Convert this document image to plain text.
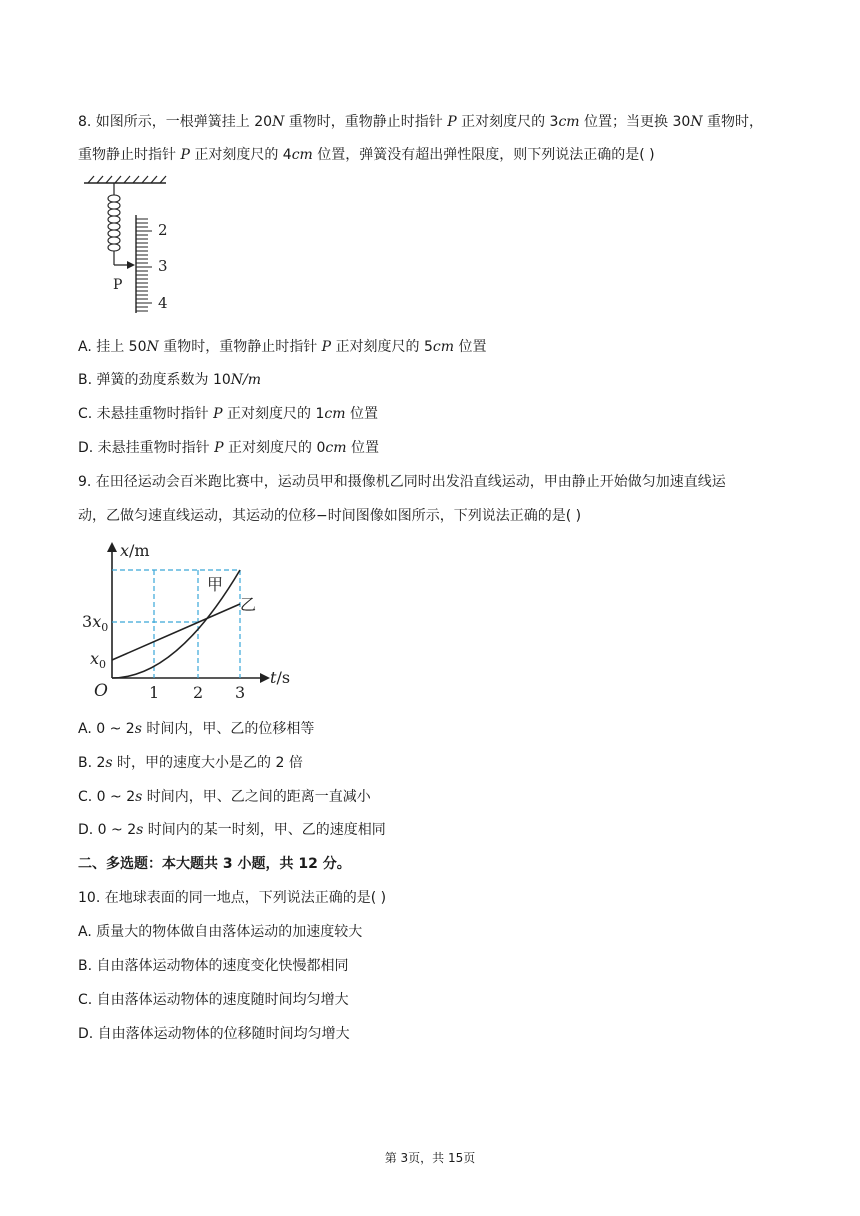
8. 如图所示，一根弹簧挂上 20N 重物时，重物静止时指针 P 正对刻度尺的 3cm 位置；当更换 30N 重物时，
重物静止时指针 P 正对刻度尺的 4cm 位置，弹簧没有超出弹性限度，则下列说法正确的是( )
P
2
3
4
A. 挂上 50N 重物时，重物静止时指针 P 正对刻度尺的 5cm 位置
B. 弹簧的劲度系数为 10N/m
C. 未悬挂重物时指针 P 正对刻度尺的 1cm 位置
D. 未悬挂重物时指针 P 正对刻度尺的 0cm 位置
9. 在田径运动会百米跑比赛中，运动员甲和摄像机乙同时出发沿直线运动，甲由静止开始做匀加速直线运
动，乙做匀速直线运动，其运动的位移−时间图像如图所示，下列说法正确的是( )
x/m
t/s
O	1 2 3
$3x_0$
$x_0$
甲
乙
A. 0 ~ 2s 时间内，甲、乙的位移相等
B. 2s 时，甲的速度大小是乙的 2 倍
C. 0 ~ 2s 时间内，甲、乙之间的距离一直减小
D. 0 ~ 2s 时间内的某一时刻，甲、乙的速度相同
二、多选题：本大题共 3 小题，共 12 分。
10. 在地球表面的同一地点，下列说法正确的是( )
A. 质量大的物体做自由落体运动的加速度较大
B. 自由落体运动物体的速度变化快慢都相同
C. 自由落体运动物体的速度随时间均匀增大
D. 自由落体运动物体的位移随时间均匀增大
第 3页，共 15页
